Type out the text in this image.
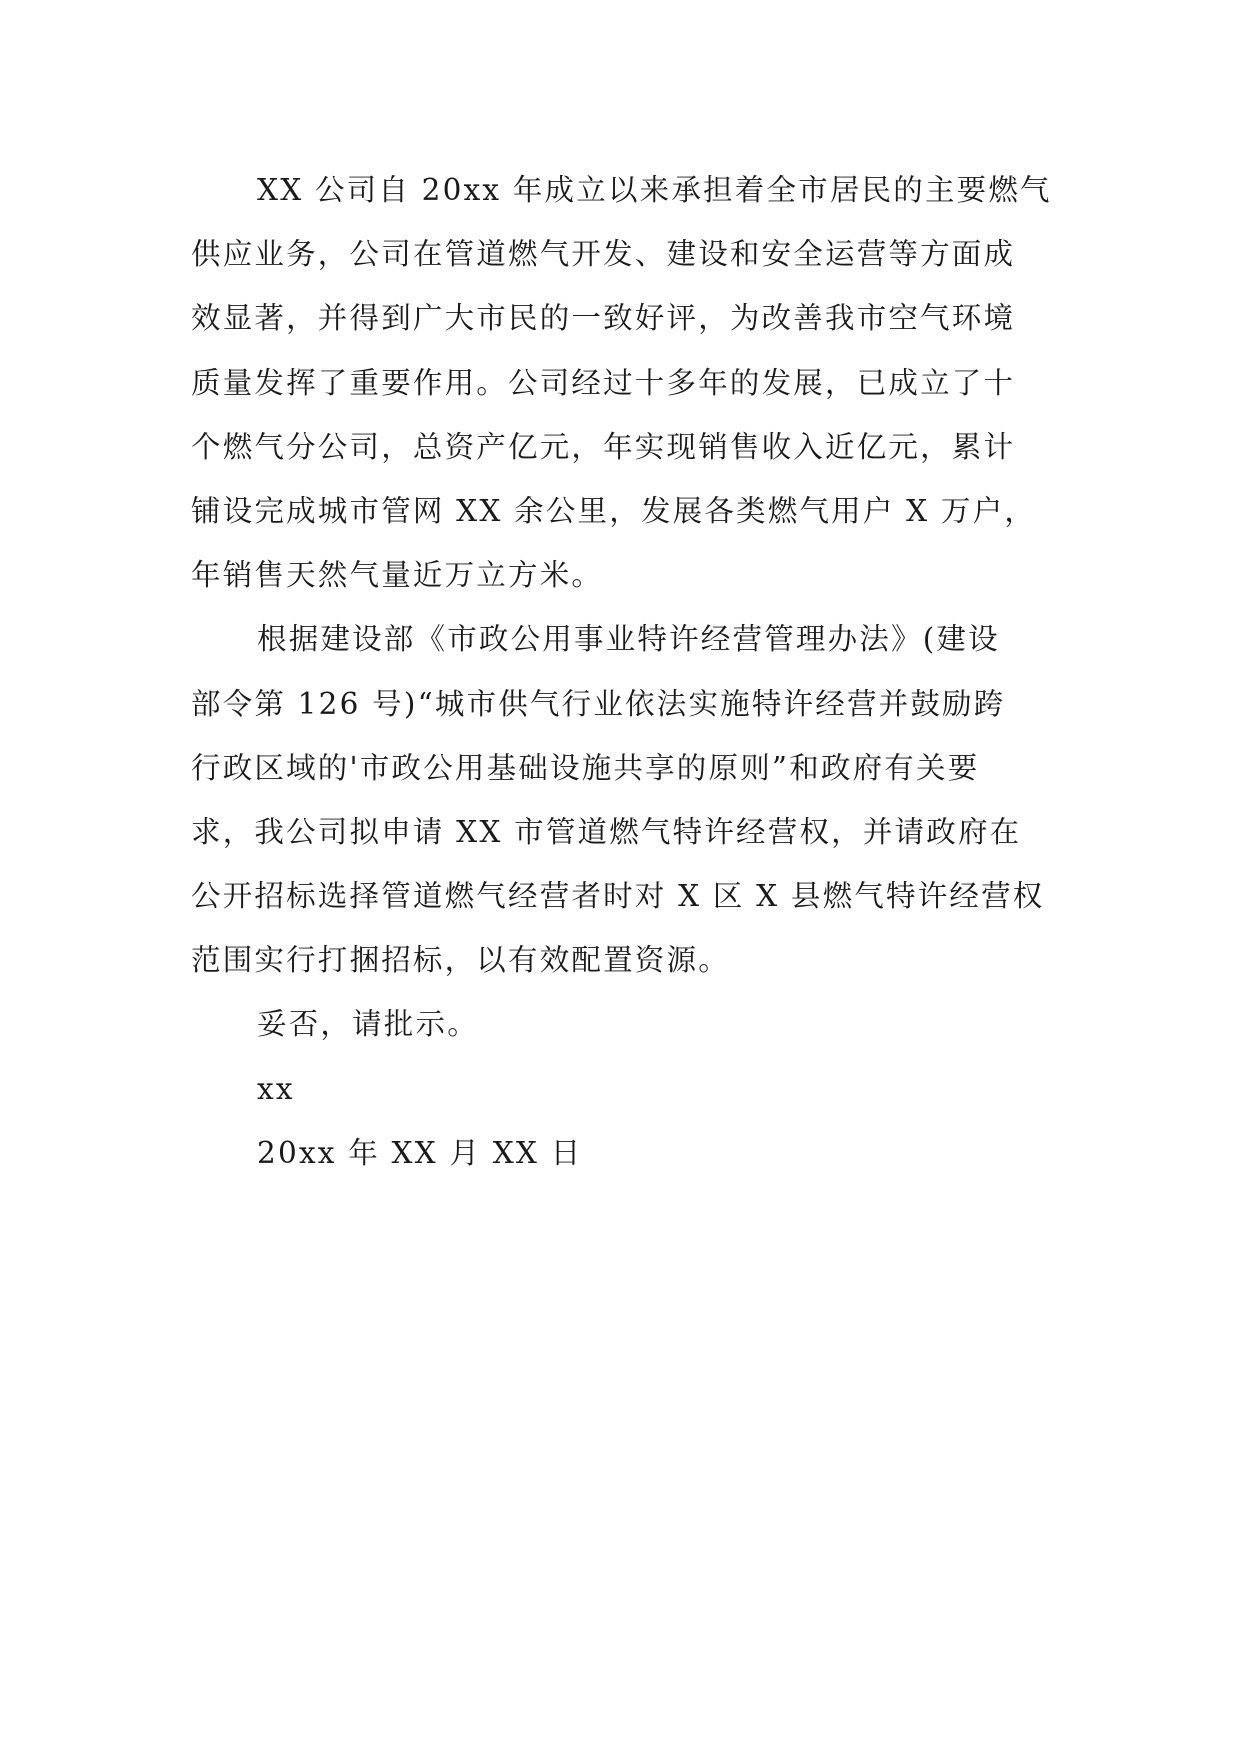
XX 公司自 20xx 年成立以来承担着全市居民的主要燃气
供应业务，公司在管道燃气开发、建设和安全运营等方面成
效显著，并得到广大市民的一致好评，为改善我市空气环境
质量发挥了重要作用。公司经过十多年的发展，已成立了十
个燃气分公司，总资产亿元，年实现销售收入近亿元，累计
铺设完成城市管网 XX 余公里，发展各类燃气用户 X 万户，
年销售天然气量近万立方米。
根据建设部《市政公用事业特许经营管理办法》(建设
部令第 126 号)“城市供气行业依法实施特许经营并鼓励跨
行政区域的'市政公用基础设施共享的原则”和政府有关要
求，我公司拟申请 XX 市管道燃气特许经营权，并请政府在
公开招标选择管道燃气经营者时对 X 区 X 县燃气特许经营权
范围实行打捆招标，以有效配置资源。
妥否，请批示。
xx
20xx 年 XX 月 XX 日
